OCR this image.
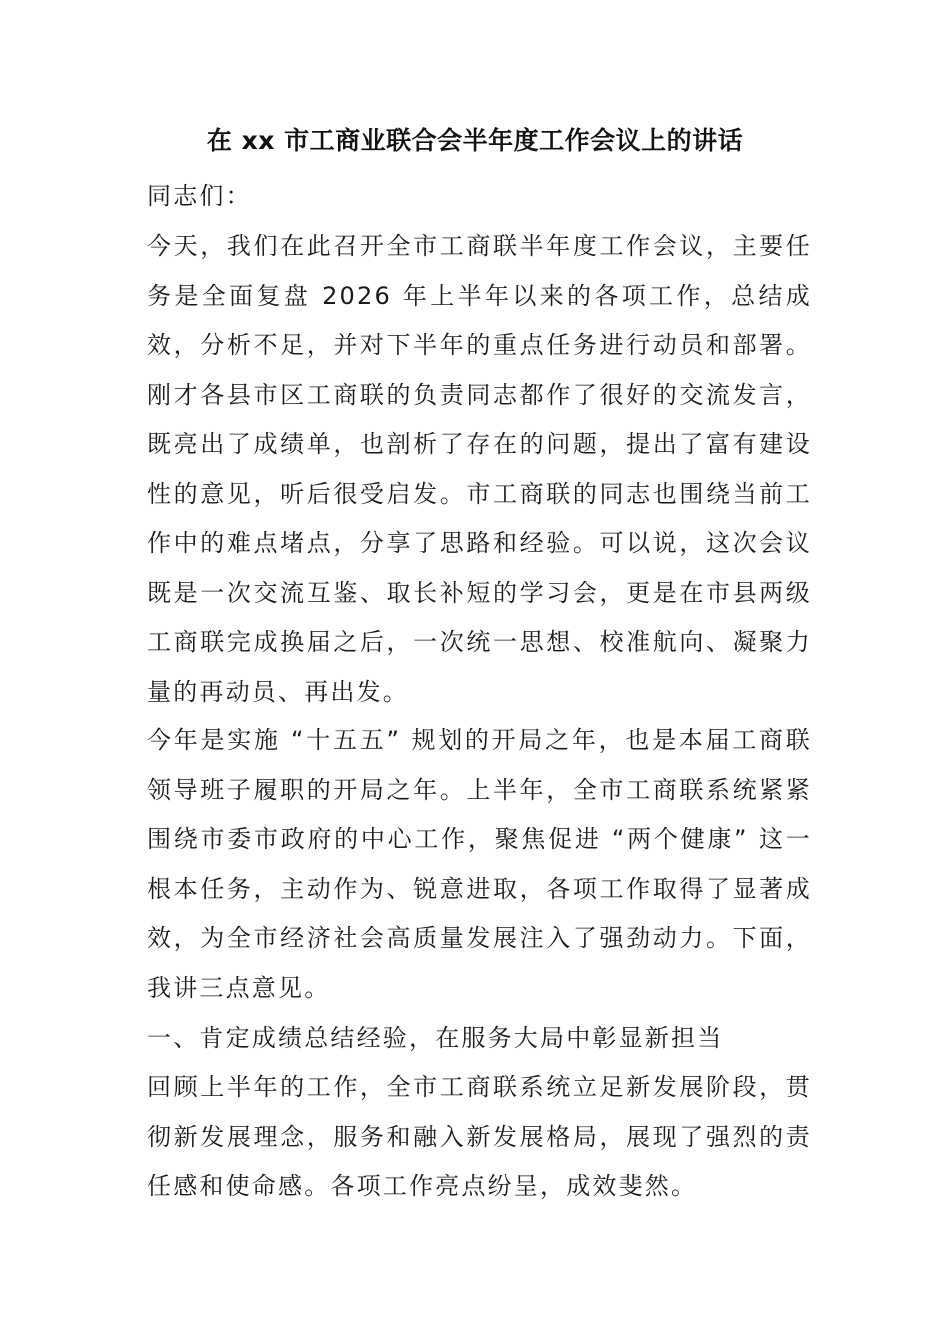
在 xx 市工商业联合会半年度工作会议上的讲话

同志们：

今天，我们在此召开全市工商联半年度工作会议，主要任务是全面复盘 2026 年上半年以来的各项工作，总结成效，分析不足，并对下半年的重点任务进行动员和部署。刚才各县市区工商联的负责同志都作了很好的交流发言，既亮出了成绩单，也剖析了存在的问题，提出了富有建设性的意见，听后很受启发。市工商联的同志也围绕当前工作中的难点堵点，分享了思路和经验。可以说，这次会议既是一次交流互鉴、取长补短的学习会，更是在市县两级工商联完成换届之后，一次统一思想、校准航向、凝聚力量的再动员、再出发。

今年是实施 “十五五” 规划的开局之年，也是本届工商联领导班子履职的开局之年。上半年，全市工商联系统紧紧围绕市委市政府的中心工作，聚焦促进 “两个健康” 这一根本任务，主动作为、锐意进取，各项工作取得了显著成效，为全市经济社会高质量发展注入了强劲动力。下面，我讲三点意见。

一、肯定成绩总结经验，在服务大局中彰显新担当

回顾上半年的工作，全市工商联系统立足新发展阶段，贯彻新发展理念，服务和融入新发展格局，展现了强烈的责任感和使命感。各项工作亮点纷呈，成效斐然。
